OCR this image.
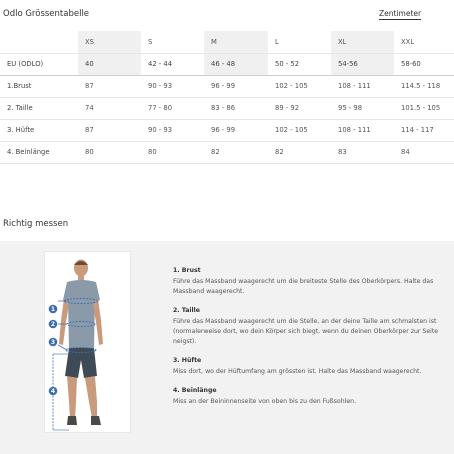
Odlo Grössentabelle	Zentimeter
	XS	S	M	L	XL	XXL
EU (ODLO)	40	42 - 44	46 - 48	50 - 52	54-56	58-60
1.Brust	87	90 - 93	96 - 99	102 - 105	108 - 111	114.5 - 118
2. Taille	74	77 - 80	83 - 86	89 - 92	95 - 98	101.5 - 105
3. Hüfte	87	90 - 93	96 - 99	102 - 105	108 - 111	114 - 117
4. Beinlänge	80	80	82	82	83	84
Richtig messen
1
2
3
4
1. Brust

Führe das Massband waagerecht um die breiteste Stelle des Oberkörpers. Halte das Massband waagerecht.

2. Taille

Führe das Massband waagerecht um die Stelle, an der deine Taille am schmalsten ist (normalerweise dort, wo dein Körper sich biegt, wenn du deinen Oberkörper zur Seite neigst).

3. Hüfte

Miss dort, wo der Hüftumfang am grössten ist. Halte das Massband waagerecht.

4. Beinlänge

Miss an der Beininnenseite von oben bis zu den Fußsohlen.
